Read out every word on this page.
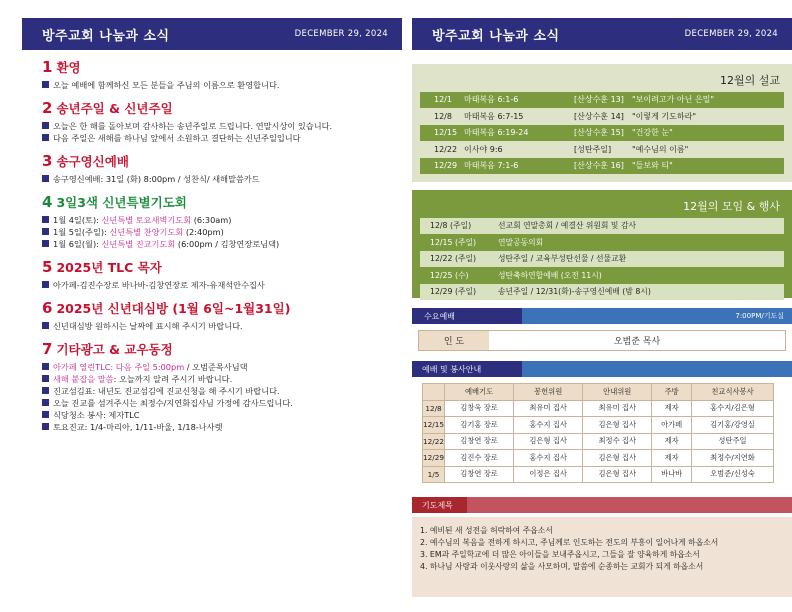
방주교회 나눔과 소식	DECEMBER 29, 2024
1 환영
오늘 예배에 함께하신 모든 분들을 주님의 이름으로 환영합니다.
2 송년주일 & 신년주일
오늘은 한 해를 돌아보며 감사하는 송년주일로 드립니다. 연말시상이 있습니다.
다음 주일은 새해를 하나님 앞에서 소원하고 결단하는 신년주일입니다
3 송구영신예배
송구영신예배: 31일 (화) 8:00pm / 성찬식/ 새해말씀카드
4 3일3색 신년특별기도회
1월 4일(토): 신년특별 토요새벽기도회 (6:30am)
1월 5일(주일): 신년특별 찬양기도회 (2:40pm)
1월 6일(월): 신년특별 진교기도회 (6:00pm / 김창연장로님댁)
5 2025년 TLC 목자
아가페-김진수장로 바나바-김창연장로 제자-유재석안수집사
6 2025년 신년대심방 (1월 6일~1월31일)
신년대심방 원하시는 날짜에 표시해 주시기 바랍니다.
7 기타광고 & 교우동정
아가페 열린TLC: 다음 주일 5:00pm / 오범준목사님댁
새해 붙잡을 말씀: 오늘까지 알려 주시기 바랍니다.
진교섬김표: 내년도 진교섬김에 진교신청을 해 주시기 바랍니다.
오늘 진교를 섬겨주시는 최정수/지연화집사님 가정에 감사드립니다.
식당청소 봉사: 제자TLC
토요진교: 1/4-마리아, 1/11-바울, 1/18-나사렛
방주교회 나눔과 소식	DECEMBER 29, 2024
12월의 설교
12/1	마태복음 6:1-6	[산상수훈 13]	"보이려고가 아닌 은밀"
12/8	마태복음 6:7-15	[산상수훈 14]	"이렇게 기도하라"
12/15 마태복음 6:19-24	[산상수훈 15]	"건강한 눈"
12/22 이사야 9:6	[성탄주일]	"예수님의 이름"
12/29 마태복음 7:1-6	[산상수훈 16]	"들보와 티"
12월의 모임 & 행사
12/8 (주일)	선교회 연말총회 / 예결산 위원회 및 감사
12/15 (주일)	연말공동의회
12/22 (주일)	성탄주일 / 교육부성탄선물 / 선물교환
12/25 (수)	성탄축하연합예배 (오전 11시)
12/29 (주일)	송년주일 / 12/31(화)-송구영신예배 (밤 8시)
수요예배	7:00PM/기도실
인 도	오범준 목사
예배 및 봉사안내
	예배기도	봉헌위원	안내위원	주방	친교식사봉사
12/8	김창욱 장로	최유미 집사	최유미 집사	제자	홍수지/김은형
12/15	김기홍 장로	홍수지 집사	김은형 집사	아가페	김기홍/강영실
12/22	김창연 장로	김은형 집사	최정수 집사	제자	성탄주일
12/29	김진수 장로	홍수지 집사	김은형 집사	제자	최정수/지연화
1/5	김창연 장로	이정은 집사	김은형 집사	바나바	오범준/신성숙
기도제목
1. 예비된 새 성전을 허락하여 주옵소서
2. 예수님의 복음을 전하게 하시고, 주님께로 인도하는 전도의 부흥이 일어나게 하옵소서
3. EM과 주일학교에 더 많은 아이들을 보내주옵시고, 그들을 잘 양육하게 하옵소서
4. 하나님 사랑과 이웃사랑의 삶을 사모하며, 말씀에 순종하는 교회가 되게 하옵소서
